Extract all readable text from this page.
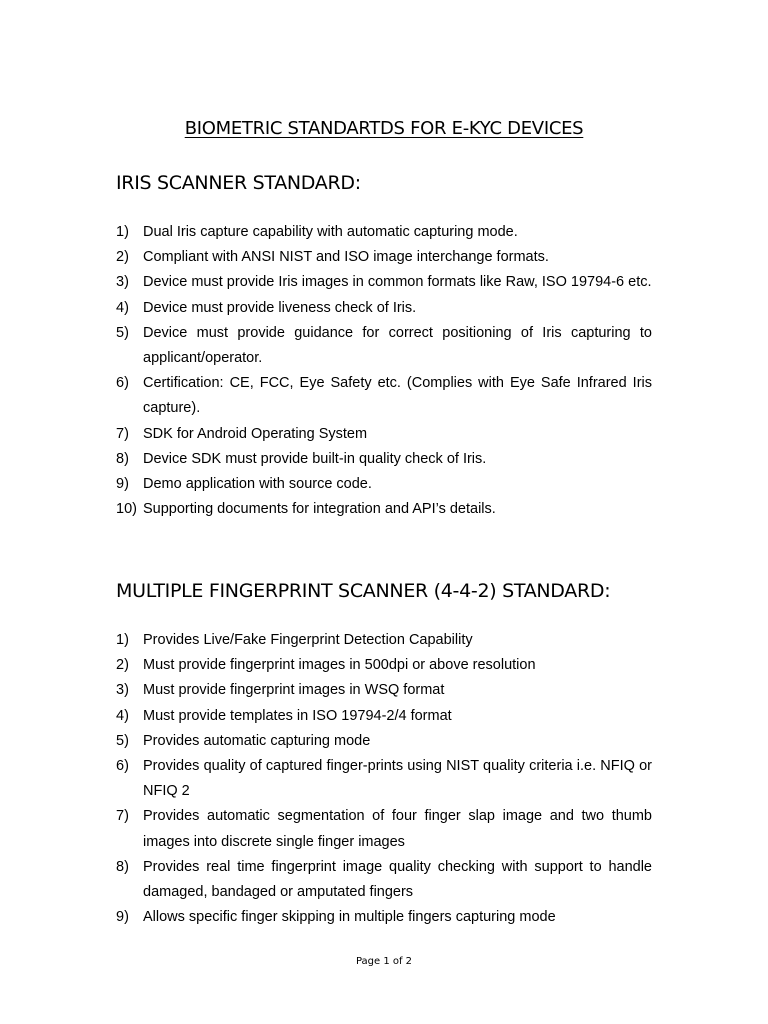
BIOMETRIC STANDARTDS FOR E-KYC DEVICES
IRIS SCANNER STANDARD:
1) Dual Iris capture capability with automatic capturing mode.
2) Compliant with ANSI NIST and ISO image interchange formats.
3) Device must provide Iris images in common formats like Raw, ISO 19794-6 etc.
4) Device must provide liveness check of Iris.
5) Device must provide guidance for correct positioning of Iris capturing to applicant/operator.
6) Certification: CE, FCC, Eye Safety etc. (Complies with Eye Safe Infrared Iris capture).
7) SDK for Android Operating System
8) Device SDK must provide built-in quality check of Iris.
9) Demo application with source code.
10) Supporting documents for integration and API’s details.
MULTIPLE FINGERPRINT SCANNER (4-4-2) STANDARD:
1) Provides Live/Fake Fingerprint Detection Capability
2) Must provide fingerprint images in 500dpi or above resolution
3) Must provide fingerprint images in WSQ format
4) Must provide templates in ISO 19794-2/4 format
5) Provides automatic capturing mode
6) Provides quality of captured finger-prints using NIST quality criteria i.e. NFIQ or NFIQ 2
7) Provides automatic segmentation of four finger slap image and two thumb images into discrete single finger images
8) Provides real time fingerprint image quality checking with support to handle damaged, bandaged or amputated fingers
9) Allows specific finger skipping in multiple fingers capturing mode
Page 1 of 2
